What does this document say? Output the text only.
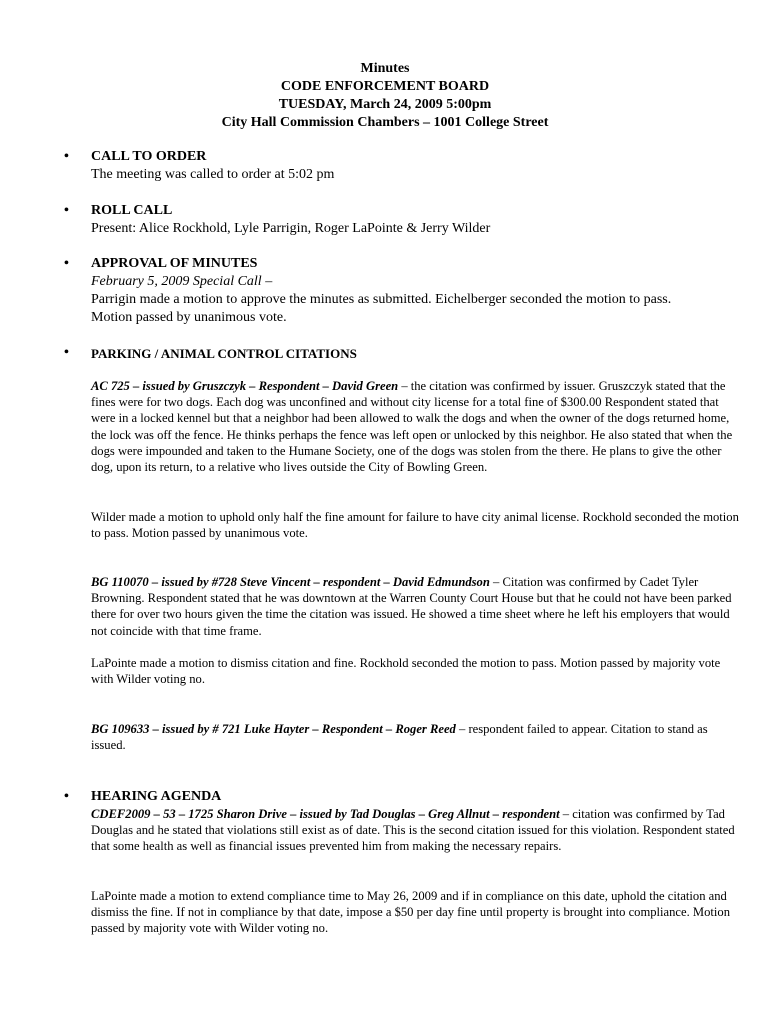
Minutes
CODE ENFORCEMENT BOARD
TUESDAY, March 24, 2009 5:00pm
City Hall Commission Chambers – 1001 College Street
• CALL TO ORDER
The meeting was called to order at 5:02 pm
• ROLL CALL
Present: Alice Rockhold, Lyle Parrigin, Roger LaPointe & Jerry Wilder
• APPROVAL OF MINUTES
February 5, 2009 Special Call –
Parrigin made a motion to approve the minutes as submitted. Eichelberger seconded the motion to pass. Motion passed by unanimous vote.
• PARKING / ANIMAL CONTROL CITATIONS
AC 725 – issued by Gruszczyk – Respondent – David Green – the citation was confirmed by issuer. Gruszczyk stated that the fines were for two dogs. Each dog was unconfined and without city license for a total fine of $300.00 Respondent stated that were in a locked kennel but that a neighbor had been allowed to walk the dogs and when the owner of the dogs returned home, the lock was off the fence. He thinks perhaps the fence was left open or unlocked by this neighbor. He also stated that when the dogs were impounded and taken to the Humane Society, one of the dogs was stolen from the there. He plans to give the other dog, upon its return, to a relative who lives outside the City of Bowling Green.
Wilder made a motion to uphold only half the fine amount for failure to have city animal license. Rockhold seconded the motion to pass. Motion passed by unanimous vote.
BG 110070 – issued by #728 Steve Vincent – respondent – David Edmundson – Citation was confirmed by Cadet Tyler Browning. Respondent stated that he was downtown at the Warren County Court House but that he could not have been parked there for over two hours given the time the citation was issued. He showed a time sheet where he left his employers that would not coincide with that time frame.
LaPointe made a motion to dismiss citation and fine. Rockhold seconded the motion to pass. Motion passed by majority vote with Wilder voting no.
BG 109633 – issued by # 721 Luke Hayter – Respondent – Roger Reed – respondent failed to appear. Citation to stand as issued.
• HEARING AGENDA
CDEF2009 – 53 – 1725 Sharon Drive – issued by Tad Douglas – Greg Allnut – respondent – citation was confirmed by Tad Douglas and he stated that violations still exist as of date. This is the second citation issued for this violation. Respondent stated that some health as well as financial issues prevented him from making the necessary repairs.
LaPointe made a motion to extend compliance time to May 26, 2009 and if in compliance on this date, uphold the citation and dismiss the fine. If not in compliance by that date, impose a $50 per day fine until property is brought into compliance. Motion passed by majority vote with Wilder voting no.
